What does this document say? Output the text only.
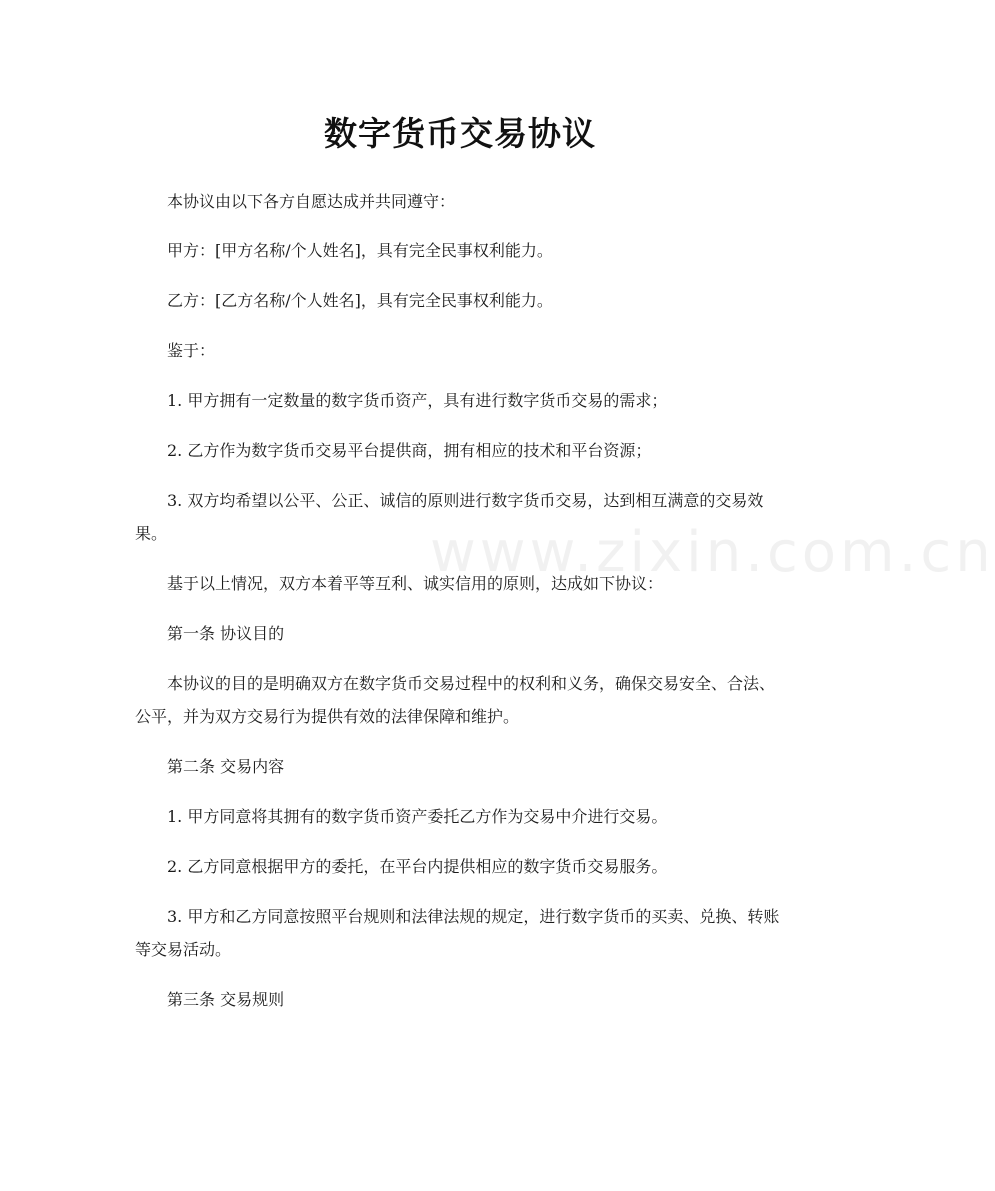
www.zixin.com.cn
数字货币交易协议

本协议由以下各方自愿达成并共同遵守：

甲方：[甲方名称/个人姓名]，具有完全民事权利能力。

乙方：[乙方名称/个人姓名]，具有完全民事权利能力。

鉴于：

1. 甲方拥有一定数量的数字货币资产，具有进行数字货币交易的需求；

2. 乙方作为数字货币交易平台提供商，拥有相应的技术和平台资源；

3. 双方均希望以公平、公正、诚信的原则进行数字货币交易，达到相互满意的交易效果。

基于以上情况，双方本着平等互利、诚实信用的原则，达成如下协议：

第一条 协议目的

本协议的目的是明确双方在数字货币交易过程中的权利和义务，确保交易安全、合法、公平，并为双方交易行为提供有效的法律保障和维护。

第二条 交易内容

1. 甲方同意将其拥有的数字货币资产委托乙方作为交易中介进行交易。

2. 乙方同意根据甲方的委托，在平台内提供相应的数字货币交易服务。

3. 甲方和乙方同意按照平台规则和法律法规的规定，进行数字货币的买卖、兑换、转账等交易活动。

第三条 交易规则
